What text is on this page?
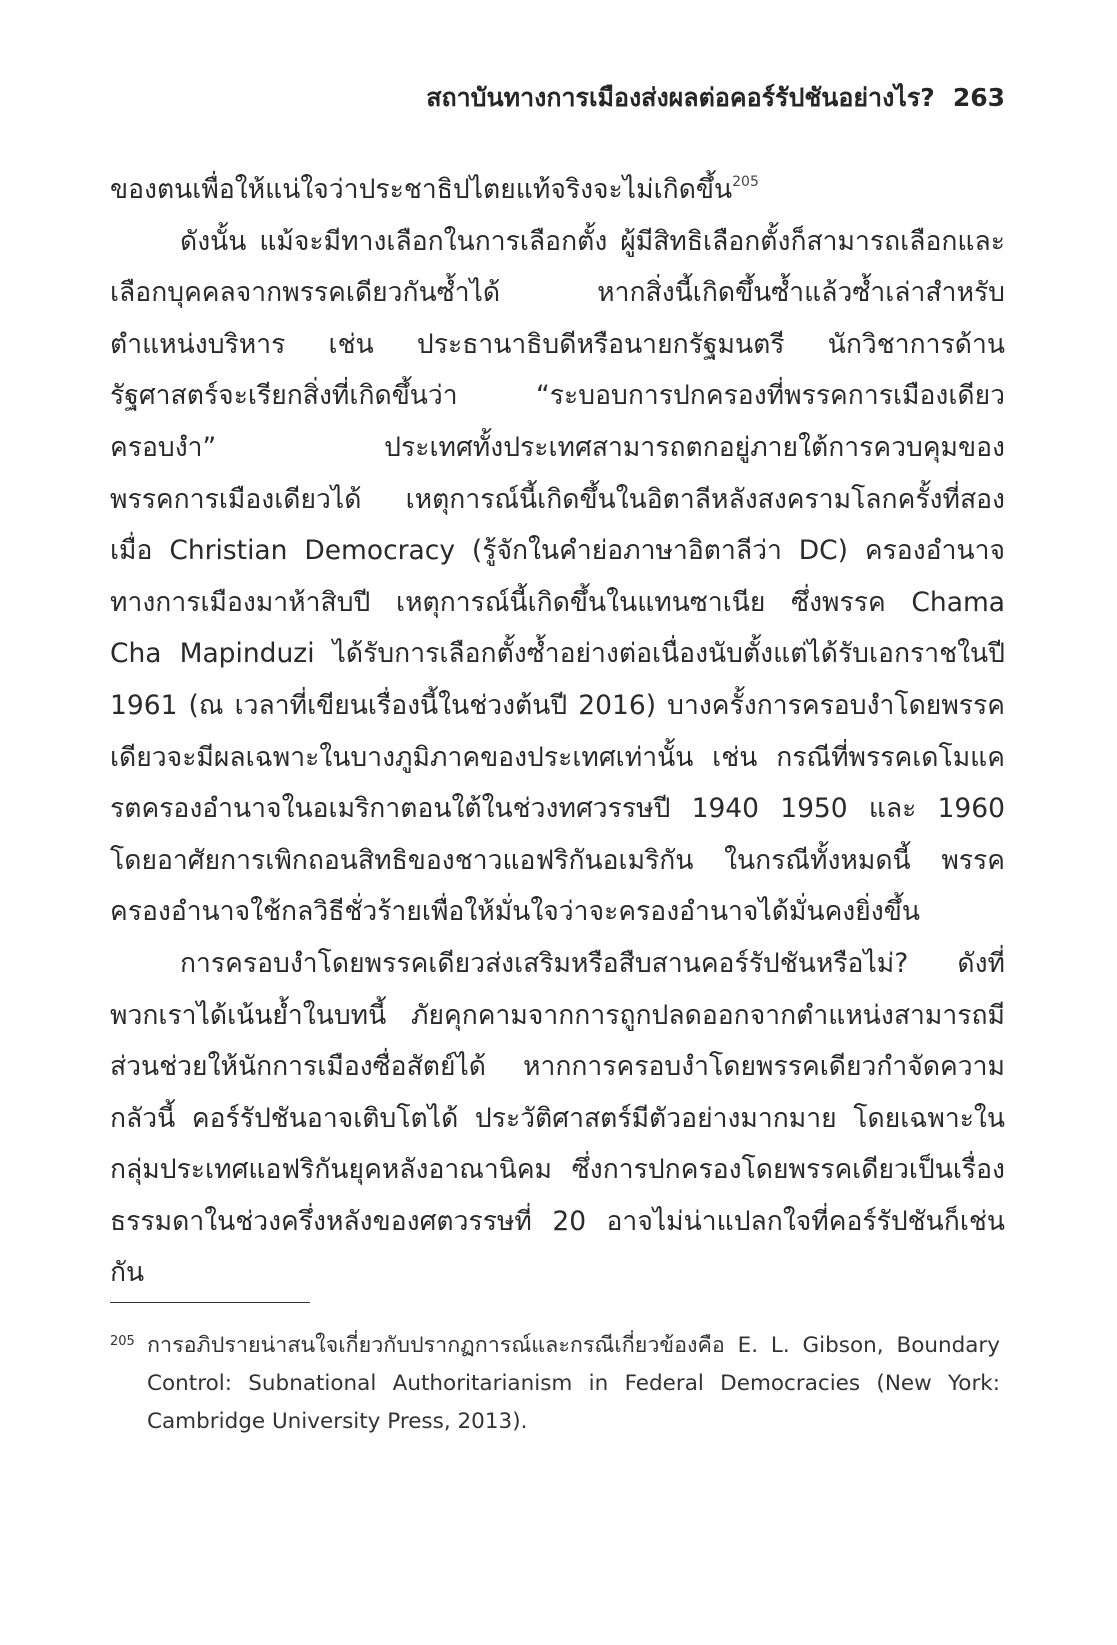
สถาบันทางการเมืองส่งผลต่อคอร์รัปชันอย่างไร? 263

ของตนเพื่อให้แน่ใจว่าประชาธิปไตยแท้จริงจะไม่เกิดขึ้น$^{205}$

ดังนั้น แม้จะมีทางเลือกในการเลือกตั้ง ผู้มีสิทธิเลือกตั้งก็สามารถเลือกและเลือกบุคคลจากพรรคเดียวกันซ้ำได้ หากสิ่งนี้เกิดขึ้นซ้ำแล้วซ้ำเล่าสำหรับตำแหน่งบริหาร เช่น ประธานาธิบดีหรือนายกรัฐมนตรี นักวิชาการด้านรัฐศาสตร์จะเรียกสิ่งที่เกิดขึ้นว่า “ระบอบการปกครองที่พรรคการเมืองเดียวครอบงำ” ประเทศทั้งประเทศสามารถตกอยู่ภายใต้การควบคุมของพรรคการเมืองเดียวได้ เหตุการณ์นี้เกิดขึ้นในอิตาลีหลังสงครามโลกครั้งที่สอง เมื่อ Christian Democracy (รู้จักในคำย่อภาษาอิตาลีว่า DC) ครองอำนาจทางการเมืองมาห้าสิบปี เหตุการณ์นี้เกิดขึ้นในแทนซาเนีย ซึ่งพรรค Chama Cha Mapinduzi ได้รับการเลือกตั้งซ้ำอย่างต่อเนื่องนับตั้งแต่ได้รับเอกราชในปี 1961 (ณ เวลาที่เขียนเรื่องนี้ในช่วงต้นปี 2016) บางครั้งการครอบงำโดยพรรคเดียวจะมีผลเฉพาะในบางภูมิภาคของประเทศเท่านั้น เช่น กรณีที่พรรคเดโมแครตครองอำนาจในอเมริกาตอนใต้ในช่วงทศวรรษปี 1940 1950 และ 1960 โดยอาศัยการเพิกถอนสิทธิของชาวแอฟริกันอเมริกัน ในกรณีทั้งหมดนี้ พรรคครองอำนาจใช้กลวิธีชั่วร้ายเพื่อให้มั่นใจว่าจะครองอำนาจได้มั่นคงยิ่งขึ้น

การครอบงำโดยพรรคเดียวส่งเสริมหรือสืบสานคอร์รัปชันหรือไม่? ดังที่พวกเราได้เน้นย้ำในบทนี้ ภัยคุกคามจากการถูกปลดออกจากตำแหน่งสามารถมีส่วนช่วยให้นักการเมืองซื่อสัตย์ได้ หากการครอบงำโดยพรรคเดียวกำจัดความกลัวนี้ คอร์รัปชันอาจเติบโตได้ ประวัติศาสตร์มีตัวอย่างมากมาย โดยเฉพาะในกลุ่มประเทศแอฟริกันยุคหลังอาณานิคม ซึ่งการปกครองโดยพรรคเดียวเป็นเรื่องธรรมดาในช่วงครึ่งหลังของศตวรรษที่ 20 อาจไม่น่าแปลกใจที่คอร์รัปชันก็เช่นกัน

205 การอภิปรายน่าสนใจเกี่ยวกับปรากฏการณ์และกรณีเกี่ยวข้องคือ E. L. Gibson, Boundary Control: Subnational Authoritarianism in Federal Democracies (New York: Cambridge University Press, 2013).
